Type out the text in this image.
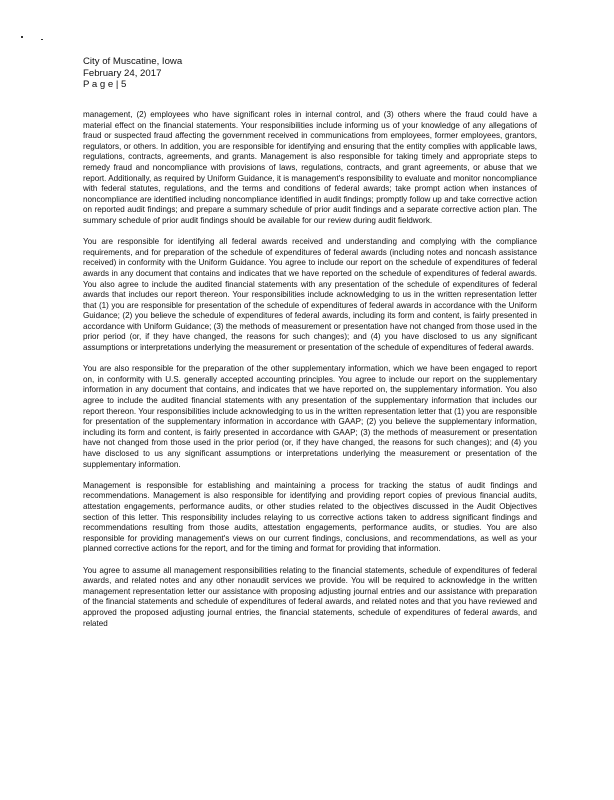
City of Muscatine, Iowa
February 24, 2017
P a g e | 5

management, (2) employees who have significant roles in internal control, and (3) others where the fraud could have a material effect on the financial statements. Your responsibilities include informing us of your knowledge of any allegations of fraud or suspected fraud affecting the government received in communications from employees, former employees, grantors, regulators, or others. In addition, you are responsible for identifying and ensuring that the entity complies with applicable laws, regulations, contracts, agreements, and grants. Management is also responsible for taking timely and appropriate steps to remedy fraud and noncompliance with provisions of laws, regulations, contracts, and grant agreements, or abuse that we report. Additionally, as required by Uniform Guidance, it is management's responsibility to evaluate and monitor noncompliance with federal statutes, regulations, and the terms and conditions of federal awards; take prompt action when instances of noncompliance are identified including noncompliance identified in audit findings; promptly follow up and take corrective action on reported audit findings; and prepare a summary schedule of prior audit findings and a separate corrective action plan. The summary schedule of prior audit findings should be available for our review during audit fieldwork.

You are responsible for identifying all federal awards received and understanding and complying with the compliance requirements, and for preparation of the schedule of expenditures of federal awards (including notes and noncash assistance received) in conformity with the Uniform Guidance. You agree to include our report on the schedule of expenditures of federal awards in any document that contains and indicates that we have reported on the schedule of expenditures of federal awards. You also agree to include the audited financial statements with any presentation of the schedule of expenditures of federal awards that includes our report thereon. Your responsibilities include acknowledging to us in the written representation letter that (1) you are responsible for presentation of the schedule of expenditures of federal awards in accordance with the Uniform Guidance; (2) you believe the schedule of expenditures of federal awards, including its form and content, is fairly presented in accordance with Uniform Guidance; (3) the methods of measurement or presentation have not changed from those used in the prior period (or, if they have changed, the reasons for such changes); and (4) you have disclosed to us any significant assumptions or interpretations underlying the measurement or presentation of the schedule of expenditures of federal awards.

You are also responsible for the preparation of the other supplementary information, which we have been engaged to report on, in conformity with U.S. generally accepted accounting principles. You agree to include our report on the supplementary information in any document that contains, and indicates that we have reported on, the supplementary information. You also agree to include the audited financial statements with any presentation of the supplementary information that includes our report thereon. Your responsibilities include acknowledging to us in the written representation letter that (1) you are responsible for presentation of the supplementary information in accordance with GAAP; (2) you believe the supplementary information, including its form and content, is fairly presented in accordance with GAAP; (3) the methods of measurement or presentation have not changed from those used in the prior period (or, if they have changed, the reasons for such changes); and (4) you have disclosed to us any significant assumptions or interpretations underlying the measurement or presentation of the supplementary information.

Management is responsible for establishing and maintaining a process for tracking the status of audit findings and recommendations. Management is also responsible for identifying and providing report copies of previous financial audits, attestation engagements, performance audits, or other studies related to the objectives discussed in the Audit Objectives section of this letter. This responsibility includes relaying to us corrective actions taken to address significant findings and recommendations resulting from those audits, attestation engagements, performance audits, or studies. You are also responsible for providing management's views on our current findings, conclusions, and recommendations, as well as your planned corrective actions for the report, and for the timing and format for providing that information.

You agree to assume all management responsibilities relating to the financial statements, schedule of expenditures of federal awards, and related notes and any other nonaudit services we provide. You will be required to acknowledge in the written management representation letter our assistance with proposing adjusting journal entries and our assistance with preparation of the financial statements and schedule of expenditures of federal awards, and related notes and that you have reviewed and approved the proposed adjusting journal entries, the financial statements, schedule of expenditures of federal awards, and related
